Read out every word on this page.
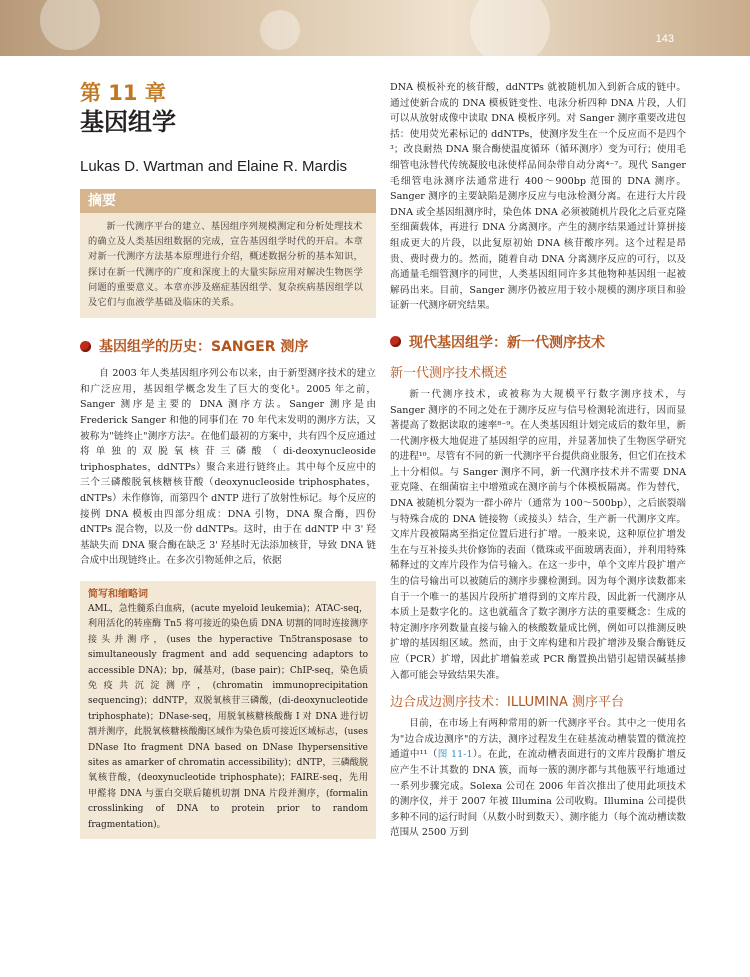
143
第 11 章
基因组学
Lukas D. Wartman and Elaine R. Mardis
摘要
新一代测序平台的建立、基因组序列规模测定和分析处理技术的确立及人类基因组数据的完成，宣告基因组学时代的开启。本章对新一代测序方法基本原理进行介绍，概述数据分析的基本知识，探讨在新一代测序的广度和深度上的大量实际应用对解决生物医学问题的重要意义。本章亦涉及癌症基因组学、复杂疾病基因组学以及它们与血液学基础及临床的关系。
基因组学的历史：SANGER 测序

自 2003 年人类基因组序列公布以来，由于新型测序技术的建立和广泛应用，基因组学概念发生了巨大的变化¹。2005 年之前，Sanger 测序是主要的 DNA 测序方法。Sanger 测序是由 Frederick Sanger 和他的同事们在 70 年代末发明的测序方法，又被称为"链终止"测序方法²。在他们最初的方案中，共有四个反应通过将单独的双脱氧核苷三磷酸（di-deoxynucleoside triphosphates，ddNTPs）聚合来进行链终止。其中每个反应中的三个三磷酸脱氧核糖核苷酸（deoxynucleoside triphosphates，dNTPs）未作修饰，而第四个 dNTP 进行了放射性标记。每个反应的接例 DNA 模板由四部分组成：DNA 引物，DNA 聚合酶，四份 dNTPs 混合物，以及一份 ddNTPs。这时，由于在 ddNTP 中 3' 羟基缺失而 DNA 聚合酶在缺乏 3' 羟基时无法添加核苷，导致 DNA 链合成中出现链终止。在多次引物延伸之后，依据

简写和缩略词
AML，急性髓系白血病，(acute myeloid leukemia)；ATAC-seq，利用活化的转座酶 Tn5 将可接近的染色质 DNA 切割的同时连接测序接头并测序，(uses the hyperactive Tn5transposase to simultaneously fragment and add sequencing adaptors to accessible DNA)；bp，碱基对，(base pair)；ChIP-seq，染色质免疫共沉淀测序，(chromatin immunoprecipitation sequencing)；ddNTP，双脱氧核苷三磷酸，(di-deoxynucleotide triphosphate)；DNase-seq，用脱氧核糖核酸酶 I 对 DNA 进行切割并测序，此脱氧核糖核酸酶区域作为染色质可接近区域标志，(uses DNase Ito fragment DNA based on DNase Ihypersensitive sites as amarker of chromatin accessibility)；dNTP，三磷酸脱氧核苷酸，(deoxynucleotide triphosphate)；FAIRE-seq，先用甲醛将 DNA 与蛋白交联后随机切割 DNA 片段并测序，(formalin crosslinking of DNA to protein prior to random fragmentation)。

DNA 模板补充的核苷酸，ddNTPs 就被随机加入到新合成的链中。通过使新合成的 DNA 模板链变性、电泳分析四种 DNA 片段，人们可以从放射成像中读取 DNA 模板序列。对 Sanger 测序重要改进包括：使用荧光素标记的 ddNTPs，使测序发生在一个反应而不是四个³；改良耐热 DNA 聚合酶使温度循环（循环测序）变为可行；使用毛细管电泳替代传统凝胶电泳使样品间杂带自动分离⁴⁻⁷。现代 Sanger 毛细管电泳测序法通常进行 400～900bp 范围的 DNA 测序。Sanger 测序的主要缺陷是测序反应与电泳检测分离。在进行大片段 DNA 或全基因组测序时，染色体 DNA 必须被随机片段化之后亚克隆至细菌载体，再进行 DNA 分离测序。产生的测序结果通过计算拼接组成更大的片段，以此复原初始 DNA 核苷酸序列。这个过程是昂贵、费时费力的。然而，随着自动 DNA 分离测序反应的可行，以及高通量毛细管测序的同世，人类基因组同许多其他物种基因组一起被解码出来。目前，Sanger 测序仍被应用于较小规模的测序项目和验证新一代测序研究结果。

现代基因组学：新一代测序技术
新一代测序技术概述

新一代测序技术，或被称为大规模平行数字测序技术，与 Sanger 测序的不同之处在于测序反应与信号检测轮流进行，因而显著提高了数据读取的速率⁸⁻⁹。在人类基因组计划完成后的数年里，新一代测序极大地促进了基因组学的应用，并显著加快了生物医学研究的进程¹⁰。尽管有不同的新一代测序平台提供商业服务，但它们在技术上十分相似。与 Sanger 测序不同，新一代测序技术并不需要 DNA 亚克隆、在细菌宿主中增殖或在测序前与个体模板隔离。作为替代，DNA 被随机分裂为一群小碎片（通常为 100～500bp），之后嵌裂端与特殊合成的 DNA 链接物（或接头）结合，生产新一代测序文库。文库片段被隔离至指定位置后进行扩增。一般来说，这种原位扩增发生在与互补接头共价修饰的表面（微珠或平面玻璃表面），并利用特殊稀释过的文库片段作为信号输入。在这一步中，单个文库片段扩增产生的信号输出可以被随后的测序步骤检测到。因为每个测序读数都来自于一个唯一的基因片段所扩增得到的文库片段，因此新一代测序从本质上是数字化的。这也就蕴含了数字测序方法的重要概念：生成的特定测序序列数量直接与输入的核酸数量成比例，例如可以推测反映扩增的基因组区域。然而，由于文库构建和片段扩增涉及聚合酶链反应（PCR）扩增，因此扩增偏差或 PCR 酶置换出错引起错误碱基掺入都可能会导致结果失准。

边合成边测序技术：ILLUMINA 测序平台

目前，在市场上有两种常用的新一代测序平台。其中之一使用名为"边合成边测序"的方法，测序过程发生在硅基流动槽装置的微流控通道中¹¹（图 11-1）。在此，在流动槽表面进行的文库片段酶扩增反应产生不计其数的 DNA 簇，而每一簇的测序都与其他簇平行地通过一系列步骤完成。Solexa 公司在 2006 年首次推出了使用此项技术的测序仪，并于 2007 年被 Illumina 公司收购。Illumina 公司提供多种不同的运行时间（从数小时到数天）、测序能力（每个流动槽读数范围从 2500 万到
